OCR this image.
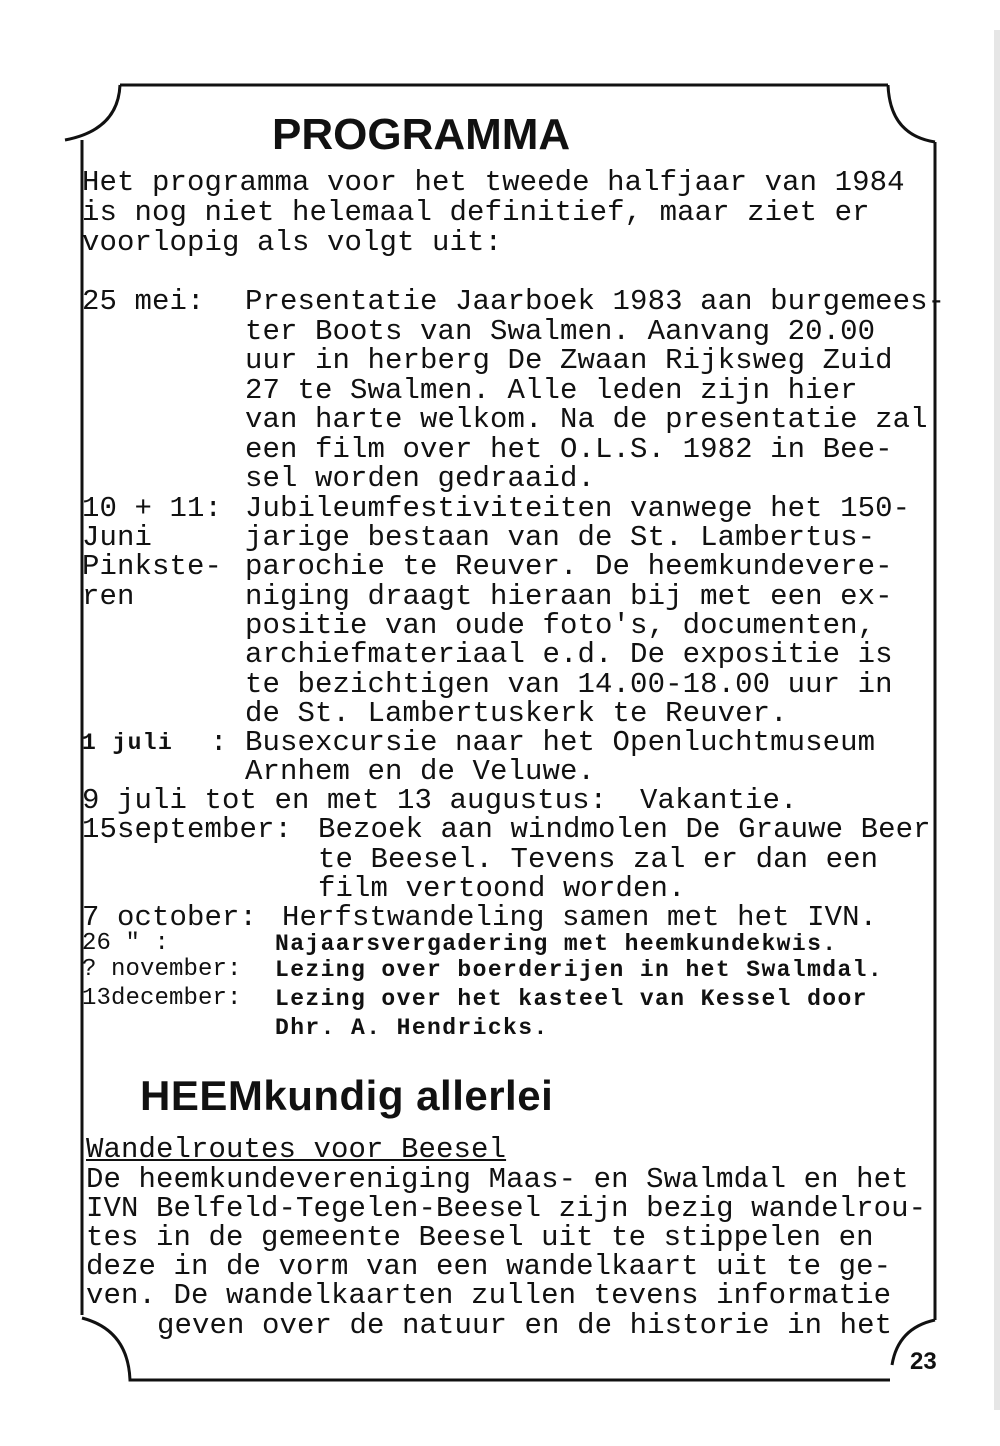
PROGRAMMA
HEEMkundig allerlei
Het programma voor het tweede halfjaar van 1984
is nog niet helemaal definitief, maar ziet er
voorlopig als volgt uit:
25 mei: Presentatie Jaarboek 1983 aan burgemees-
ter Boots van Swalmen. Aanvang 20.00
uur in herberg De Zwaan Rijksweg Zuid
27 te Swalmen. Alle leden zijn hier
van harte welkom. Na de presentatie zal
een film over het O.L.S. 1982 in Bee-
sel worden gedraaid.
10 + 11: Jubileumfestiviteiten vanwege het 150-
jarige bestaan van de St. Lambertus-
parochie te Reuver. De heemkundevere-
niging draagt hieraan bij met een ex-
positie van oude foto's, documenten,
archiefmateriaal e.d. De expositie is
te bezichtigen van 14.00-18.00 uur in
de St. Lambertuskerk te Reuver.
Juni
Pinkste-
ren
1 juli Busexcursie naar het Openluchtmuseum
Arnhem en de Veluwe.
:
9 juli tot en met 13 augustus: Vakantie.
15september: Bezoek aan windmolen De Grauwe Beer
te Beesel. Tevens zal er dan een
film vertoond worden.
7 october: Herfstwandeling samen met het IVN.
26 " :	Najaarsvergadering met heemkundekwis.
? november: Lezing over boerderijen in het Swalmdal.
13december: Lezing over het kasteel van Kessel door
Dhr. A. Hendricks.
Wandelroutes voor Beesel
De heemkundevereniging Maas- en Swalmdal en het
IVN Belfeld-Tegelen-Beesel zijn bezig wandelrou-
tes in de gemeente Beesel uit te stippelen en
deze in de vorm van een wandelkaart uit te ge-
ven. De wandelkaarten zullen tevens informatie
geven over de natuur en de historie in het
23
